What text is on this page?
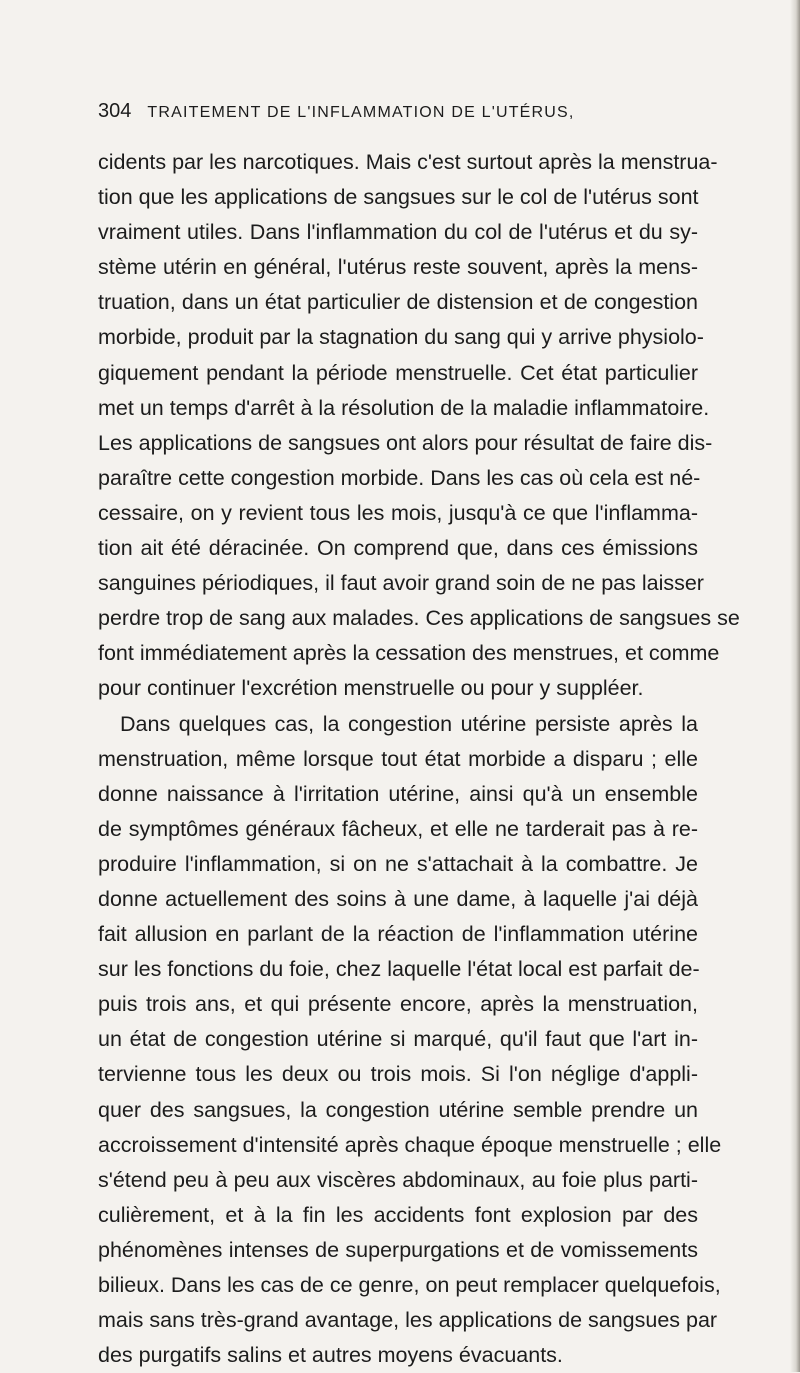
304 TRAITEMENT DE L'INFLAMMATION DE L'UTÉRUS,
cidents par les narcotiques. Mais c'est surtout après la menstrua-
tion que les applications de sangsues sur le col de l'utérus sont
vraiment utiles. Dans l'inflammation du col de l'utérus et du sy-
stème utérin en général, l'utérus reste souvent, après la mens-
truation, dans un état particulier de distension et de congestion
morbide, produit par la stagnation du sang qui y arrive physiolo-
giquement pendant la période menstruelle. Cet état particulier
met un temps d'arrêt à la résolution de la maladie inflammatoire.
Les applications de sangsues ont alors pour résultat de faire dis-
paraître cette congestion morbide. Dans les cas où cela est né-
cessaire, on y revient tous les mois, jusqu'à ce que l'inflamma-
tion ait été déracinée. On comprend que, dans ces émissions
sanguines périodiques, il faut avoir grand soin de ne pas laisser
perdre trop de sang aux malades. Ces applications de sangsues se
font immédiatement après la cessation des menstrues, et comme
pour continuer l'excrétion menstruelle ou pour y suppléer.
Dans quelques cas, la congestion utérine persiste après la
menstruation, même lorsque tout état morbide a disparu ; elle
donne naissance à l'irritation utérine, ainsi qu'à un ensemble
de symptômes généraux fâcheux, et elle ne tarderait pas à re-
produire l'inflammation, si on ne s'attachait à la combattre. Je
donne actuellement des soins à une dame, à laquelle j'ai déjà
fait allusion en parlant de la réaction de l'inflammation utérine
sur les fonctions du foie, chez laquelle l'état local est parfait de-
puis trois ans, et qui présente encore, après la menstruation,
un état de congestion utérine si marqué, qu'il faut que l'art in-
tervienne tous les deux ou trois mois. Si l'on néglige d'appli-
quer des sangsues, la congestion utérine semble prendre un
accroissement d'intensité après chaque époque menstruelle ; elle
s'étend peu à peu aux viscères abdominaux, au foie plus parti-
culièrement, et à la fin les accidents font explosion par des
phénomènes intenses de superpurgations et de vomissements
bilieux. Dans les cas de ce genre, on peut remplacer quelquefois,
mais sans très-grand avantage, les applications de sangsues par
des purgatifs salins et autres moyens évacuants.
